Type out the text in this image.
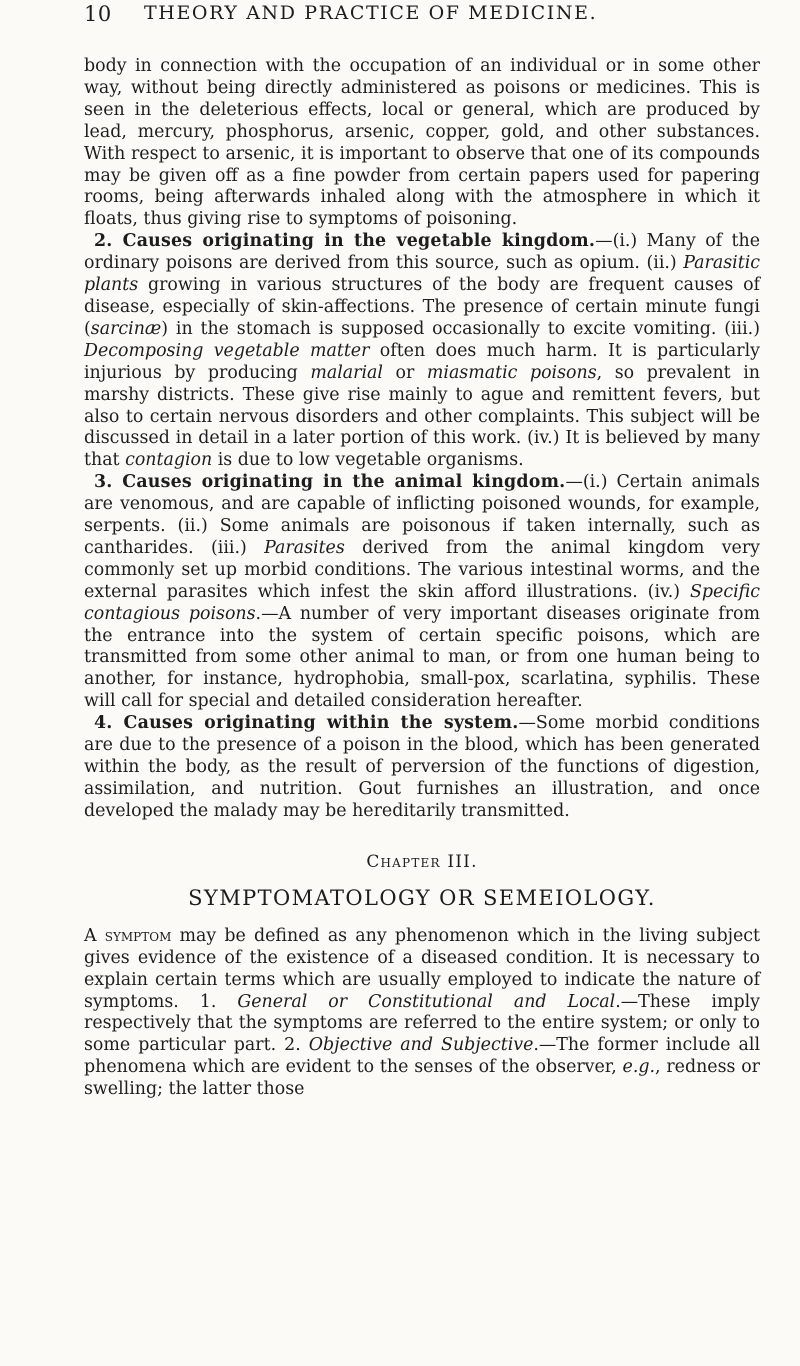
10 THEORY AND PRACTICE OF MEDICINE.

body in connection with the occupation of an individual or in some other way, without being directly administered as poisons or medicines. This is seen in the deleterious effects, local or general, which are produced by lead, mercury, phosphorus, arsenic, copper, gold, and other substances. With respect to arsenic, it is important to observe that one of its compounds may be given off as a fine powder from certain papers used for papering rooms, being afterwards inhaled along with the atmosphere in which it floats, thus giving rise to symptoms of poisoning.

2. Causes originating in the vegetable kingdom.—(i.) Many of the ordinary poisons are derived from this source, such as opium. (ii.) Parasitic plants growing in various structures of the body are frequent causes of disease, especially of skin-affections. The presence of certain minute fungi (sarcinæ) in the stomach is supposed occasionally to excite vomiting. (iii.) Decomposing vegetable matter often does much harm. It is particularly injurious by producing malarial or miasmatic poisons, so prevalent in marshy districts. These give rise mainly to ague and remittent fevers, but also to certain nervous disorders and other complaints. This subject will be discussed in detail in a later portion of this work. (iv.) It is believed by many that contagion is due to low vegetable organisms.

3. Causes originating in the animal kingdom.—(i.) Certain animals are venomous, and are capable of inflicting poisoned wounds, for example, serpents. (ii.) Some animals are poisonous if taken internally, such as cantharides. (iii.) Parasites derived from the animal kingdom very commonly set up morbid conditions. The various intestinal worms, and the external parasites which infest the skin afford illustrations. (iv.) Specific contagious poisons.—A number of very important diseases originate from the entrance into the system of certain specific poisons, which are transmitted from some other animal to man, or from one human being to another, for instance, hydrophobia, small-pox, scarlatina, syphilis. These will call for special and detailed consideration hereafter.

4. Causes originating within the system.—Some morbid conditions are due to the presence of a poison in the blood, which has been generated within the body, as the result of perversion of the functions of digestion, assimilation, and nutrition. Gout furnishes an illustration, and once developed the malady may be hereditarily transmitted.

Chapter III.

SYMPTOMATOLOGY OR SEMEIOLOGY.

A symptom may be defined as any phenomenon which in the living subject gives evidence of the existence of a diseased condition. It is necessary to explain certain terms which are usually employed to indicate the nature of symptoms. 1. General or Constitutional and Local.—These imply respectively that the symptoms are referred to the entire system; or only to some particular part. 2. Objective and Subjective.—The former include all phenomena which are evident to the senses of the observer, e.g., redness or swelling; the latter those
